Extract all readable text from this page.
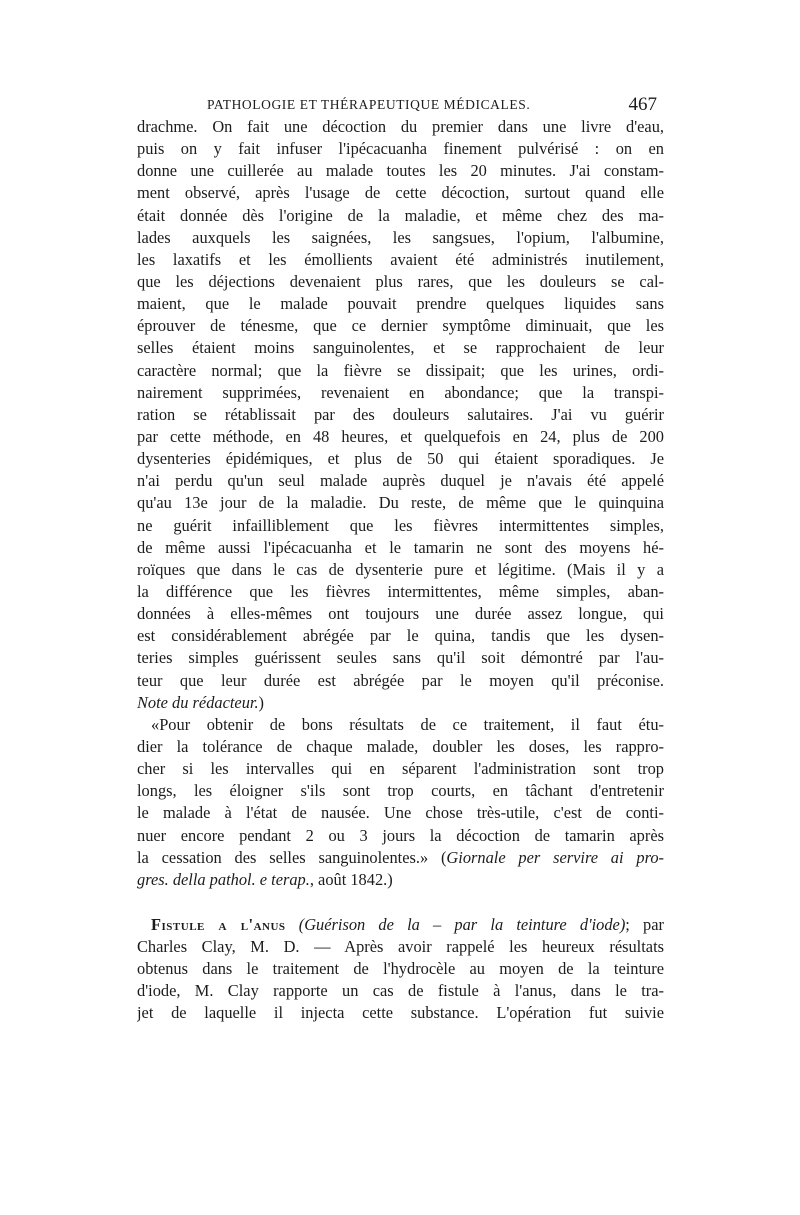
PATHOLOGIE ET THÉRAPEUTIQUE MÉDICALES.	467
drachme. On fait une décoction du premier dans une livre d'eau,
puis on y fait infuser l'ipécacuanha finement pulvérisé : on en
donne une cuillerée au malade toutes les 20 minutes. J'ai constam-
ment observé, après l'usage de cette décoction, surtout quand elle
était donnée dès l'origine de la maladie, et même chez des ma-
lades auxquels les saignées, les sangsues, l'opium, l'albumine,
les laxatifs et les émollients avaient été administrés inutilement,
que les déjections devenaient plus rares, que les douleurs se cal-
maient, que le malade pouvait prendre quelques liquides sans
éprouver de ténesme, que ce dernier symptôme diminuait, que les
selles étaient moins sanguinolentes, et se rapprochaient de leur
caractère normal; que la fièvre se dissipait; que les urines, ordi-
nairement supprimées, revenaient en abondance; que la transpi-
ration se rétablissait par des douleurs salutaires. J'ai vu guérir
par cette méthode, en 48 heures, et quelquefois en 24, plus de 200
dysenteries épidémiques, et plus de 50 qui étaient sporadiques. Je
n'ai perdu qu'un seul malade auprès duquel je n'avais été appelé
qu'au 13e jour de la maladie. Du reste, de même que le quinquina
ne guérit infailliblement que les fièvres intermittentes simples,
de même aussi l'ipécacuanha et le tamarin ne sont des moyens hé-
roïques que dans le cas de dysenterie pure et légitime. (Mais il y a
la différence que les fièvres intermittentes, même simples, aban-
données à elles-mêmes ont toujours une durée assez longue, qui
est considérablement abrégée par le quina, tandis que les dysen-
teries simples guérissent seules sans qu'il soit démontré par l'au-
teur que leur durée est abrégée par le moyen qu'il préconise.
Note du rédacteur.)
«Pour obtenir de bons résultats de ce traitement, il faut étu-
dier la tolérance de chaque malade, doubler les doses, les rappro-
cher si les intervalles qui en séparent l'administration sont trop
longs, les éloigner s'ils sont trop courts, en tâchant d'entretenir
le malade à l'état de nausée. Une chose très-utile, c'est de conti-
nuer encore pendant 2 ou 3 jours la décoction de tamarin après
la cessation des selles sanguinolentes.» (Giornale per servire ai pro-
gres. della pathol. e terap., août 1842.)
Fistule a l'anus (Guérison de la – par la teinture d'iode); par
Charles Clay, M. D. — Après avoir rappelé les heureux résultats
obtenus dans le traitement de l'hydrocèle au moyen de la teinture
d'iode, M. Clay rapporte un cas de fistule à l'anus, dans le tra-
jet de laquelle il injecta cette substance. L'opération fut suivie
